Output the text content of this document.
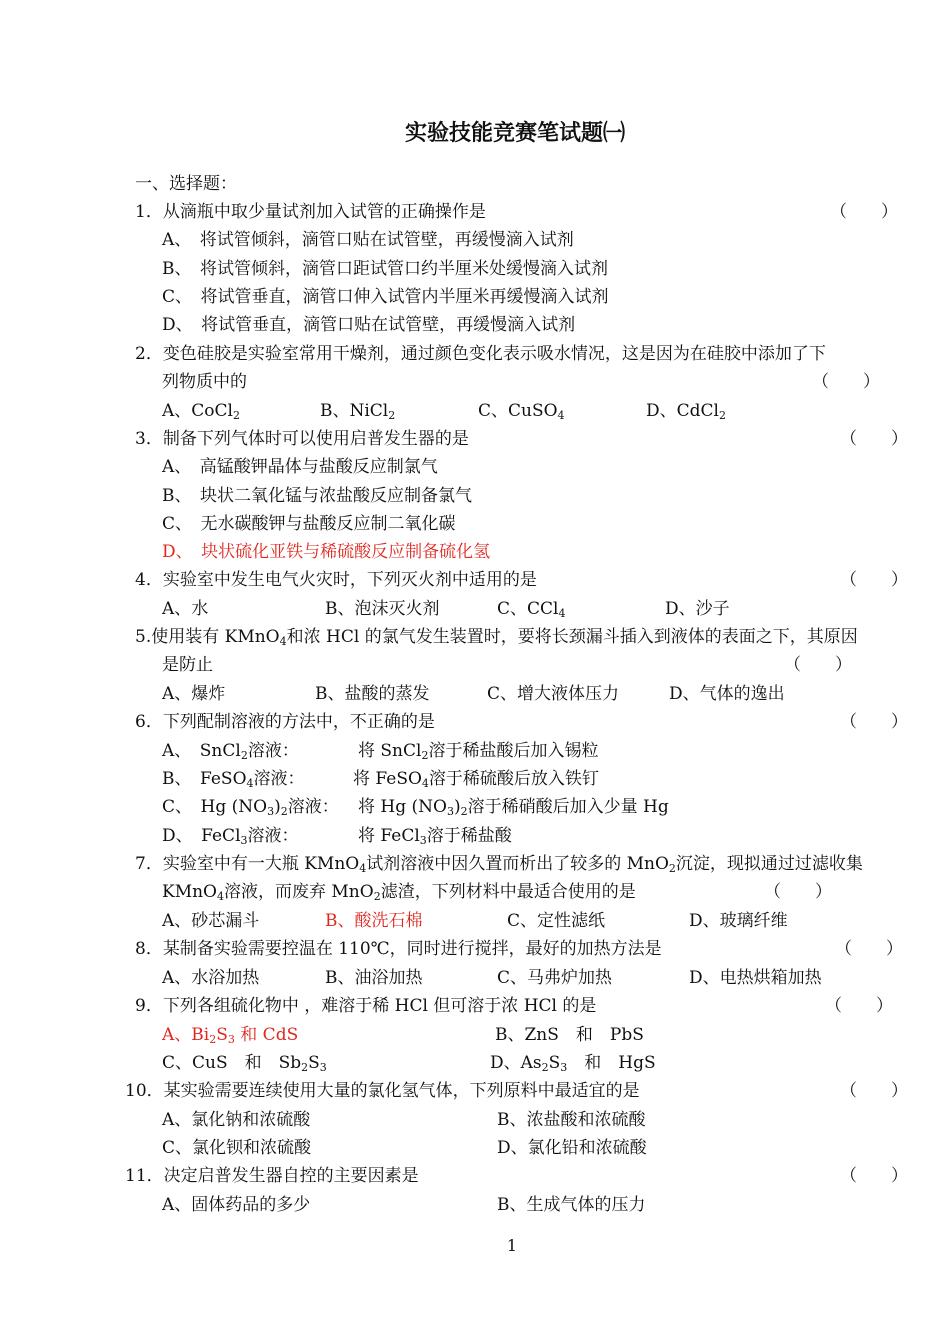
实验技能竞赛笔试题㈠
一、选择题：
1．从滴瓶中取少量试剂加入试管的正确操作是	（　　）
A、　将试管倾斜，滴管口贴在试管壁，再缓慢滴入试剂
B、　将试管倾斜，滴管口距试管口约半厘米处缓慢滴入试剂
C、　将试管垂直，滴管口伸入试管内半厘米再缓慢滴入试剂
D、　将试管垂直，滴管口贴在试管壁，再缓慢滴入试剂
2．变色硅胶是实验室常用干燥剂，通过颜色变化表示吸水情况，这是因为在硅胶中添加了下
列物质中的	（　　）
A、CoCl$_2$	B、NiCl$_2$	C、CuSO$_4$	D、CdCl$_2$
3．制备下列气体时可以使用启普发生器的是	（　　）
A、　高锰酸钾晶体与盐酸反应制氯气
B、　块状二氧化锰与浓盐酸反应制备氯气
C、　无水碳酸钾与盐酸反应制二氧化碳
D、　块状硫化亚铁与稀硫酸反应制备硫化氢
4．实验室中发生电气火灾时，下列灭火剂中适用的是	（　　）
A、水	B、泡沫灭火剂	C、CCl$_4$	D、沙子
5.使用装有 KMnO$_4$和浓 HCl 的氯气发生装置时，要将长颈漏斗插入到液体的表面之下，其原因
是防止	（　　）
A、爆炸	B、盐酸的蒸发	C、增大液体压力	D、气体的逸出
6．下列配制溶液的方法中，不正确的是	（　　）
A、　SnCl$_2$溶液：	将 SnCl$_2$溶于稀盐酸后加入锡粒
B、　FeSO$_4$溶液：	将 FeSO$_4$溶于稀硫酸后放入铁钉
C、　Hg $(NO_3)_2$溶液： 将 Hg $(NO_3)_2$溶于稀硝酸后加入少量 Hg
D、　FeCl$_3$溶液：	将 FeCl$_3$溶于稀盐酸
7．实验室中有一大瓶 KMnO$_4$试剂溶液中因久置而析出了较多的 MnO$_2$沉淀，现拟通过过滤收集
KMnO$_4$溶液，而废弃 MnO$_2$滤渣，下列材料中最适合使用的是	（　　）
A、砂芯漏斗	B、酸洗石棉	C、定性滤纸	D、玻璃纤维
8．某制备实验需要控温在 110℃，同时进行搅拌，最好的加热方法是	（　　）
A、水浴加热	B、油浴加热	C、马弗炉加热	D、电热烘箱加热
9．下列各组硫化物中 ，难溶于稀 HCl 但可溶于浓 HCl 的是	（　　）
A、$Bi_2S_3$ 和 CdS	B、ZnS　和　PbS
C、CuS　和　$Sb_2S_3$	D、$As_2S_3$　和　HgS
10．某实验需要连续使用大量的氯化氢气体，下列原料中最适宜的是	（　　）
A、氯化钠和浓硫酸	B、浓盐酸和浓硫酸
C、氯化钡和浓硫酸	D、氯化铅和浓硫酸
11．决定启普发生器自控的主要因素是	（　　）
A、固体药品的多少	B、生成气体的压力
1
